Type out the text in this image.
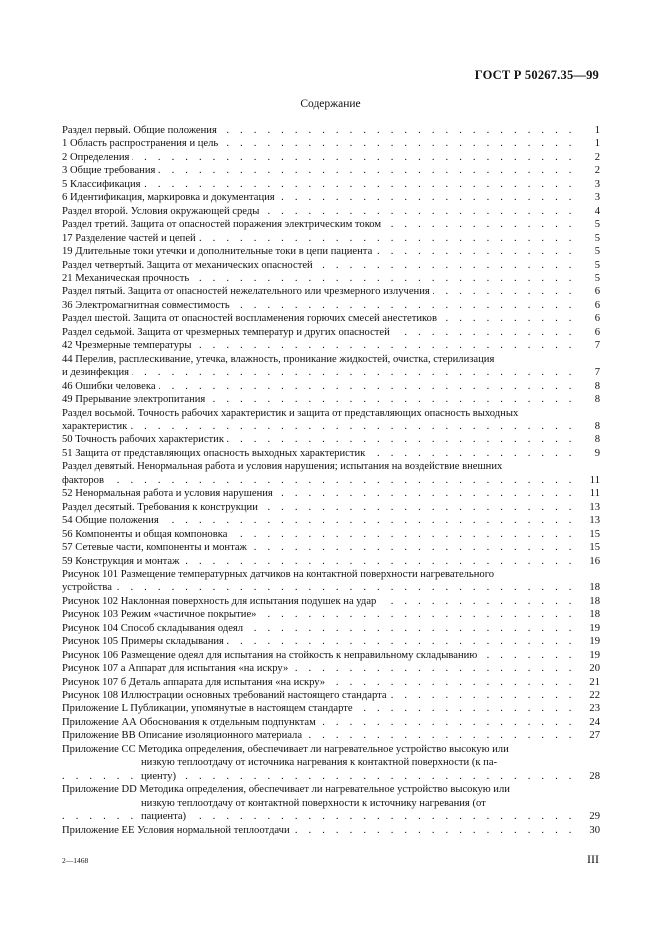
ГОСТ Р 50267.35—99
Содержание
Раздел первый. Общие положения . . .	1
1 Область распространения и цель . . .	1
2 Определения . . .	2
3 Общие требования . . .	2
5 Классификация . . .	3
6 Идентификация, маркировка и документация . . .	3
Раздел второй. Условия окружающей среды . . .	4
Раздел третий. Защита от опасностей поражения электрическим током . . .	5
17 Разделение частей и цепей . . .	5
19 Длительные токи утечки и дополнительные токи в цепи пациента . . .	5
Раздел четвертый. Защита от механических опасностей . . .	5
21 Механическая прочность . . .	5
Раздел пятый. Защита от опасностей нежелательного или чрезмерного излучения . . .	6
36 Электромагнитная совместимость . . .	6
Раздел шестой. Защита от опасностей воспламенения горючих смесей анестетиков . . .	6
Раздел седьмой. Защита от чрезмерных температур и других опасностей . . .	6
42 Чрезмерные температуры . . .	7
44 Перелив, расплескивание, утечка, влажность, проникание жидкостей, очистка, стерилизация
и дезинфекция . . .	7
46 Ошибки человека . . .	8
49 Прерывание электропитания . . .	8
Раздел восьмой. Точность рабочих характеристик и защита от представляющих опасность выходных
характеристик . . .	8
50 Точность рабочих характеристик . . .	8
51 Защита от представляющих опасность выходных характеристик . . .	9
Раздел девятый. Ненормальная работа и условия нарушения; испытания на воздействие внешних
факторов . . .	11
52 Ненормальная работа и условия нарушения . . .	11
Раздел десятый. Требования к конструкции . . .	13
54 Общие положения . . .	13
56 Компоненты и общая компоновка . . .	15
57 Сетевые части, компоненты и монтаж . . .	15
59 Конструкция и монтаж . . .	16
Рисунок 101 Размещение температурных датчиков на контактной поверхности нагревательного
устройства . . .	18
Рисунок 102 Наклонная поверхность для испытания подушек на удар . . .	18
Рисунок 103 Режим «частичное покрытие» . . .	18
Рисунок 104 Способ складывания одеял . . .	19
Рисунок 105 Примеры складывания . . .	19
Рисунок 106 Размещение одеял для испытания на стойкость к неправильному складыванию . . .	19
Рисунок 107 а Аппарат для испытания «на искру» . . .	20
Рисунок 107 б Деталь аппарата для испытания «на искру» . . .	21
Рисунок 108 Иллюстрации основных требований настоящего стандарта . . .	22
Приложение L Публикации, упомянутые в настоящем стандарте . . .	23
Приложение АА Обоснования к отдельным подпунктам . . .	24
Приложение ВВ Описание изоляционного материала . . .	27
Приложение СС Методика определения, обеспечивает ли нагревательное устройство высокую или
низкую теплоотдачу от источника нагревания к контактной поверхности (к па-
циенту) . . .	28
Приложение DD Методика определения, обеспечивает ли нагревательное устройство высокую или
низкую теплоотдачу от контактной поверхности к источнику нагревания (от
пациента) . . .	29
Приложение ЕЕ Условия нормальной теплоотдачи . . .	30
2—1468	III
